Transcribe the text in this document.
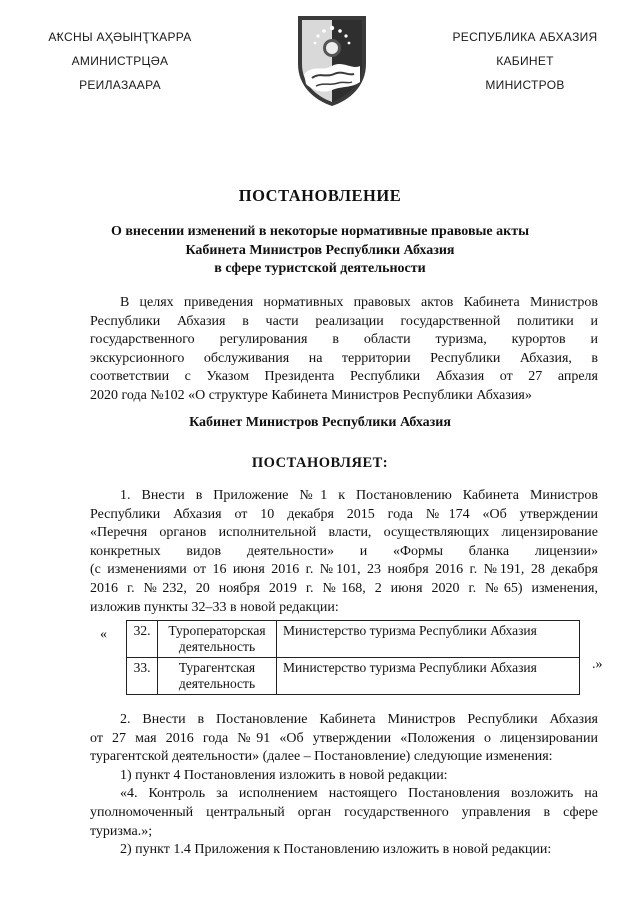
АҞСНЫ АҲӘЫНҬҠАРРА
АМИНИСТРЦӘА
РЕИЛАЗААРА
РЕСПУБЛИКА АБХАЗИЯ
КАБИНЕТ
МИНИСТРОВ
ПОСТАНОВЛЕНИЕ
О внесении изменений в некоторые нормативные правовые акты
Кабинета Министров Республики Абхазия
в сфере туристской деятельности
В целях приведения нормативных правовых актов Кабинета Министров
Республики Абхазия в части реализации государственной политики и
государственного регулирования в области туризма, курортов и
экскурсионного обслуживания на территории Республики Абхазия, в
соответствии с Указом Президента Республики Абхазия от 27 апреля
2020 года №102 «О структуре Кабинета Министров Республики Абхазия»
Кабинет Министров Республики Абхазия
ПОСТАНОВЛЯЕТ:
1. Внести в Приложение №1 к Постановлению Кабинета Министров
Республики Абхазия от 10 декабря 2015 года №174 «Об утверждении
«Перечня органов исполнительной власти, осуществляющих лицензирование
конкретных видов деятельности» и «Формы бланка лицензии»
(с изменениями от 16 июня 2016 г. №101, 23 ноября 2016 г. №191, 28 декабря
2016 г. №232, 20 ноября 2019 г. №168, 2 июня 2020 г. №65) изменения,
изложив пункты 32–33 в новой редакции:
« 32.	Туроператорская деятельность	Министерство туризма Республики Абхазия
33.	Турагентская деятельность	Министерство туризма Республики Абхазия	.»
2. Внести в Постановление Кабинета Министров Республики Абхазия
от 27 мая 2016 года №91 «Об утверждении «Положения о лицензировании
турагентской деятельности» (далее – Постановление) следующие изменения:
1) пункт 4 Постановления изложить в новой редакции:
«4. Контроль за исполнением настоящего Постановления возложить на
уполномоченный центральный орган государственного управления в сфере
туризма.»;
2) пункт 1.4 Приложения к Постановлению изложить в новой редакции:
